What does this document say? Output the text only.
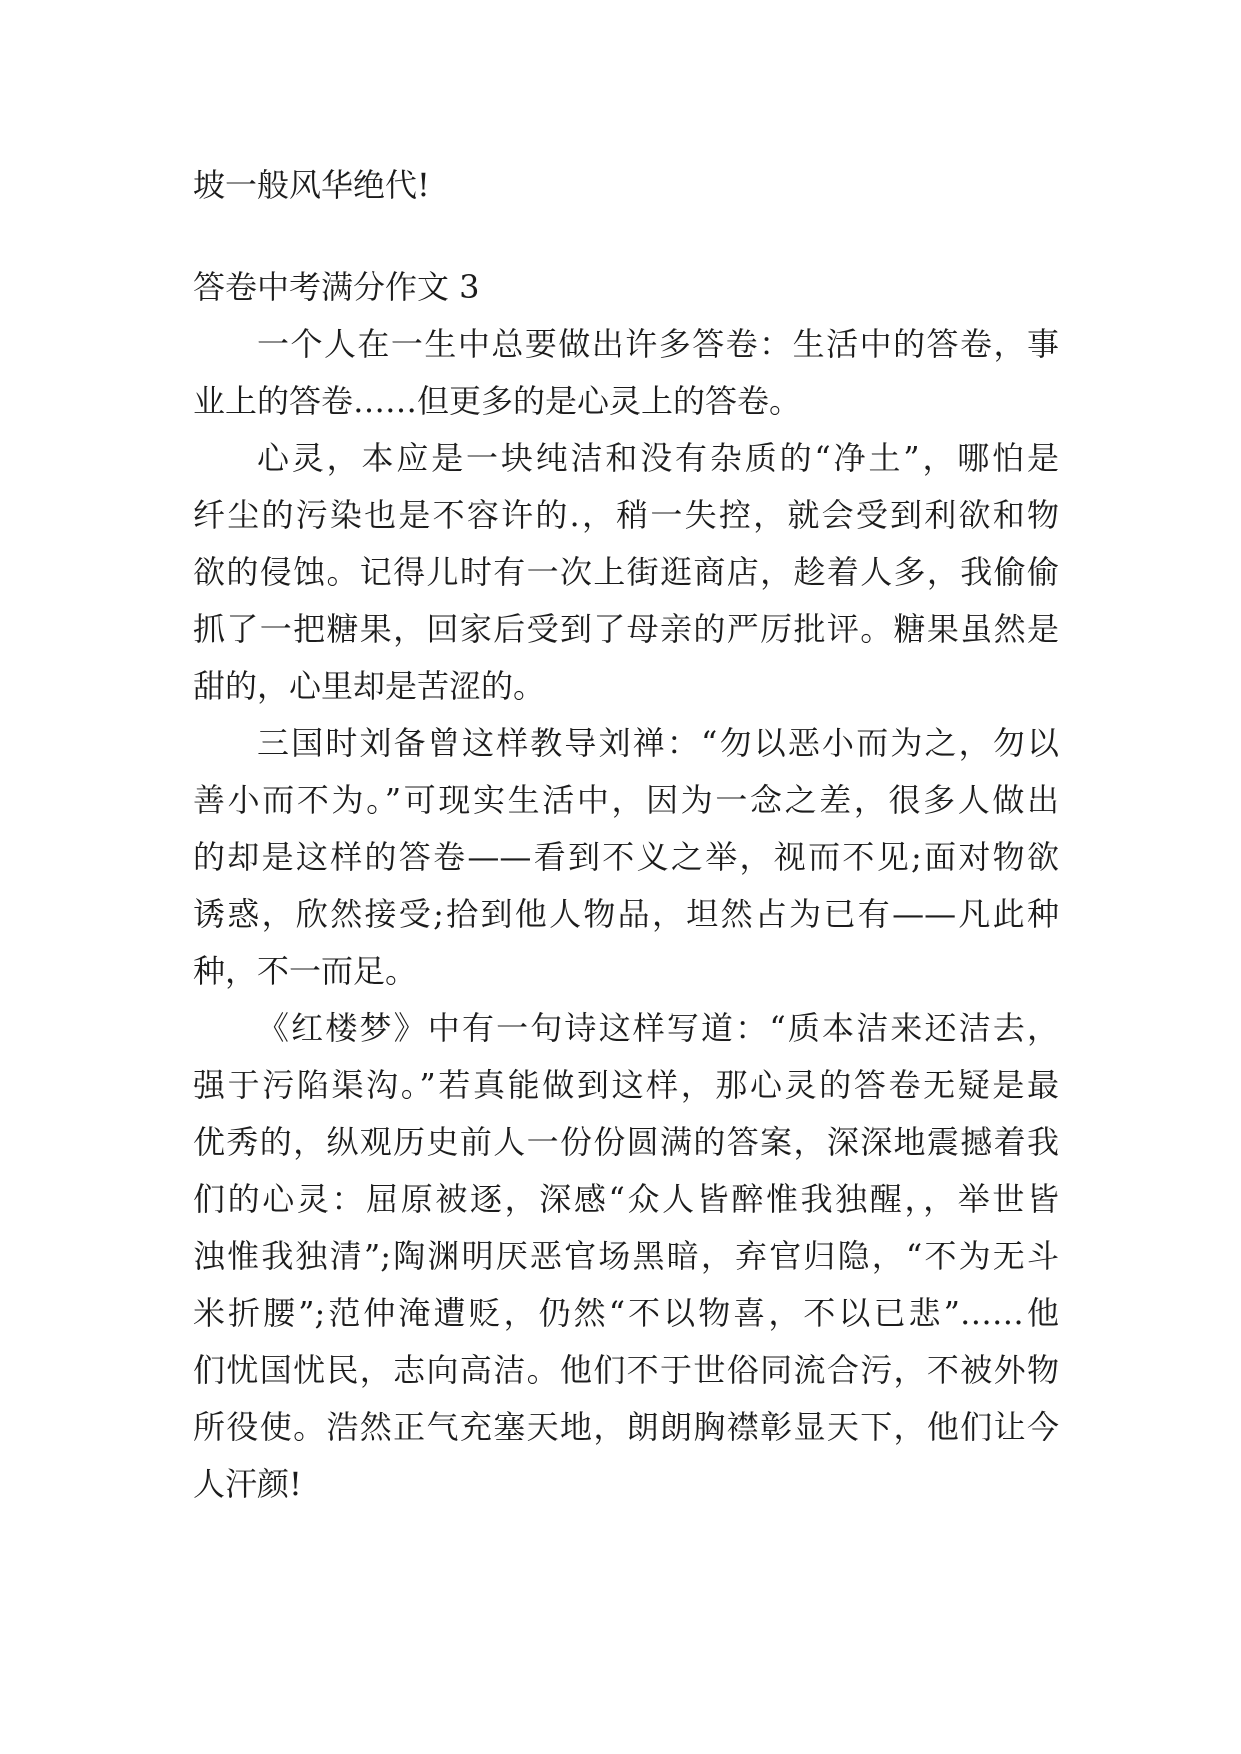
坡一般风华绝代!

答卷中考满分作文 3

一个人在一生中总要做出许多答卷：生活中的答卷，事

业上的答卷……但更多的是心灵上的答卷。

心灵，本应是一块纯洁和没有杂质的“净土”，哪怕是

纤尘的污染也是不容许的.，稍一失控，就会受到利欲和物

欲的侵蚀。记得儿时有一次上街逛商店，趁着人多，我偷偷

抓了一把糖果，回家后受到了母亲的严厉批评。糖果虽然是

甜的，心里却是苦涩的。

三国时刘备曾这样教导刘禅：“勿以恶小而为之，勿以

善小而不为。”可现实生活中，因为一念之差，很多人做出

的却是这样的答卷——看到不义之举，视而不见;面对物欲

诱惑，欣然接受;拾到他人物品，坦然占为已有——凡此种

种，不一而足。

《红楼梦》中有一句诗这样写道：“质本洁来还洁去，

强于污陷渠沟。”若真能做到这样，那心灵的答卷无疑是最

优秀的，纵观历史前人一份份圆满的答案，深深地震撼着我

们的心灵：屈原被逐，深感“众人皆醉惟我独醒，，举世皆

浊惟我独清”;陶渊明厌恶官场黑暗，弃官归隐，“不为无斗

米折腰”;范仲淹遭贬，仍然“不以物喜，不以已悲”……他

们忧国忧民，志向高洁。他们不于世俗同流合污，不被外物

所役使。浩然正气充塞天地，朗朗胸襟彰显天下，他们让今

人汗颜!
